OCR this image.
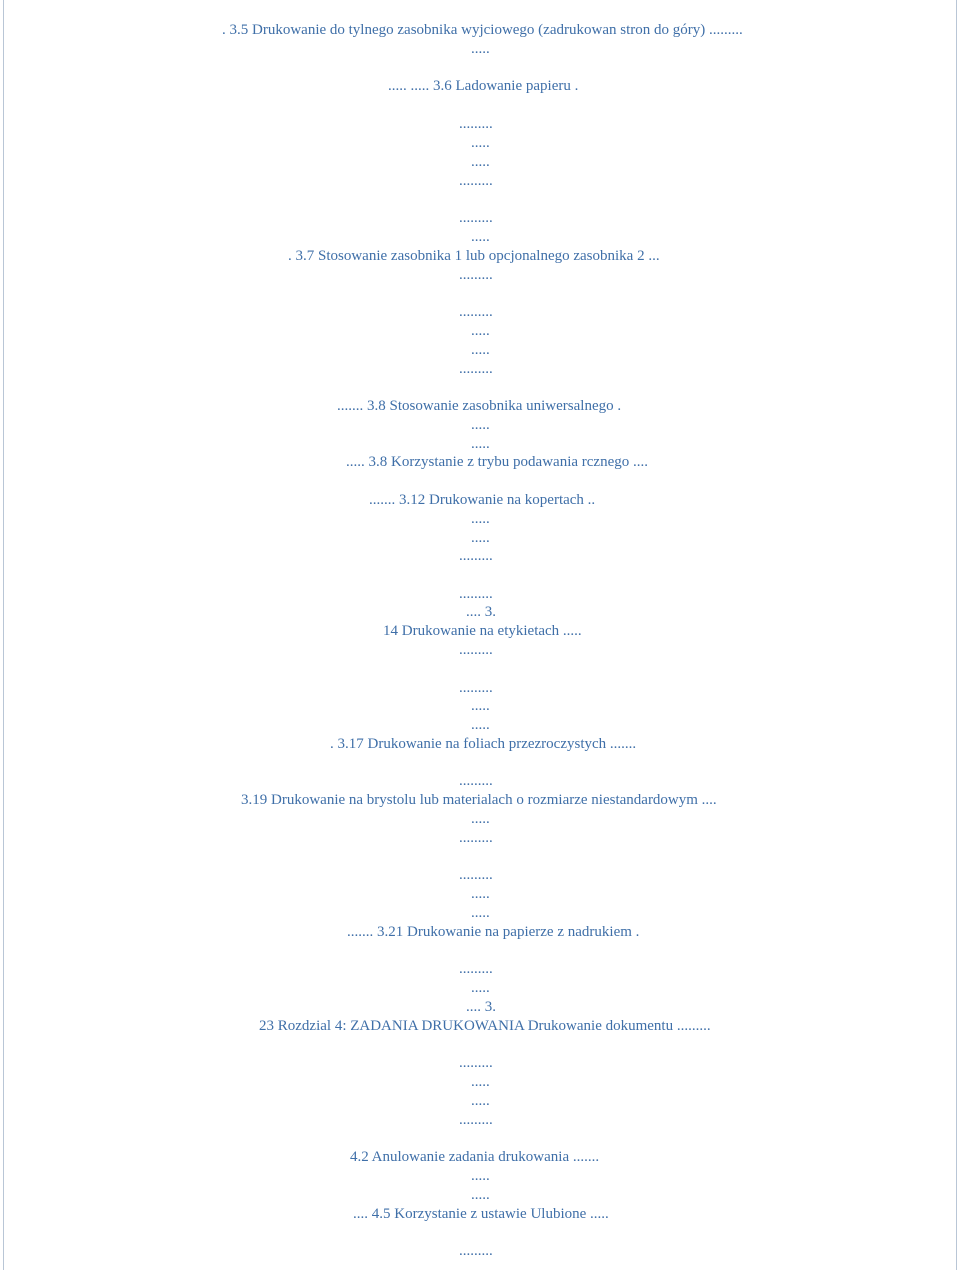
. 3.5 Drukowanie do tylnego zasobnika wyjciowego (zadrukowan stron do góry) .........
.....
..... ..... 3.6 Ladowanie papieru .
.........
.....
.....
.........
.........
.....
. 3.7 Stosowanie zasobnika 1 lub opcjonalnego zasobnika 2 ...
.........
.........
.....
.....
.........
....... 3.8 Stosowanie zasobnika uniwersalnego .
.....
.....
..... 3.8 Korzystanie z trybu podawania rcznego ....
....... 3.12 Drukowanie na kopertach ..
.....
.....
.........
.........
.... 3.
14 Drukowanie na etykietach .....
.........
.........
.....
.....
. 3.17 Drukowanie na foliach przezroczystych .......
.........
3.19 Drukowanie na brystolu lub materialach o rozmiarze niestandardowym ....
.....
.........
.........
.....
.....
....... 3.21 Drukowanie na papierze z nadrukiem .
.........
.....
.... 3.
23 Rozdzial 4: ZADANIA DRUKOWANIA Drukowanie dokumentu .........
.........
.....
.....
.........
4.2 Anulowanie zadania drukowania .......
.....
.....
.... 4.5 Korzystanie z ustawie Ulubione .....
.........
